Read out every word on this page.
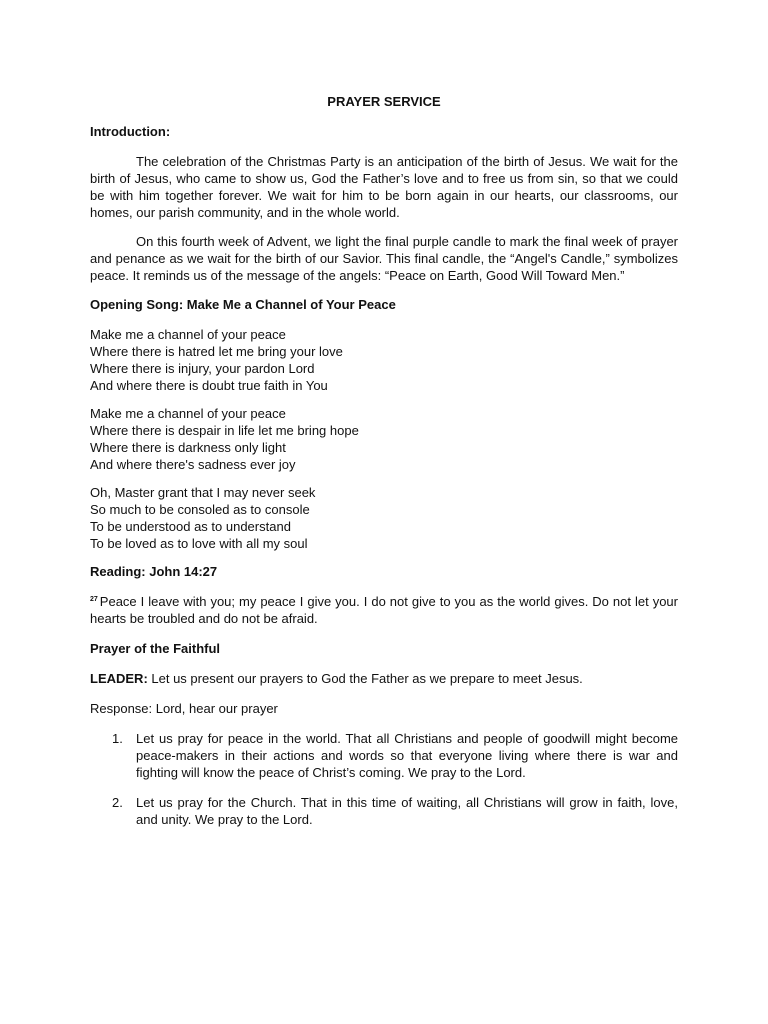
PRAYER SERVICE
Introduction:

The celebration of the Christmas Party is an anticipation of the birth of Jesus. We wait for the birth of Jesus, who came to show us, God the Father’s love and to free us from sin, so that we could be with him together forever. We wait for him to be born again in our hearts, our classrooms, our homes, our parish community, and in the whole world.

On this fourth week of Advent, we light the final purple candle to mark the final week of prayer and penance as we wait for the birth of our Savior. This final candle, the “Angel's Candle,” symbolizes peace. It reminds us of the message of the angels: “Peace on Earth, Good Will Toward Men.”

Opening Song: Make Me a Channel of Your Peace
Make me a channel of your peace
Where there is hatred let me bring your love
Where there is injury, your pardon Lord
And where there is doubt true faith in You
Make me a channel of your peace
Where there is despair in life let me bring hope
Where there is darkness only light
And where there's sadness ever joy
Oh, Master grant that I may never seek
So much to be consoled as to console
To be understood as to understand
To be loved as to love with all my soul
Reading: John 14:27

$^{27}$ Peace I leave with you; my peace I give you. I do not give to you as the world gives. Do not let your hearts be troubled and do not be afraid.

Prayer of the Faithful

LEADER: Let us present our prayers to God the Father as we prepare to meet Jesus.

Response: Lord, hear our prayer

1. Let us pray for peace in the world. That all Christians and people of goodwill might become peace-makers in their actions and words so that everyone living where there is war and fighting will know the peace of Christ’s coming. We pray to the Lord.
2. Let us pray for the Church. That in this time of waiting, all Christians will grow in faith, love, and unity. We pray to the Lord.
